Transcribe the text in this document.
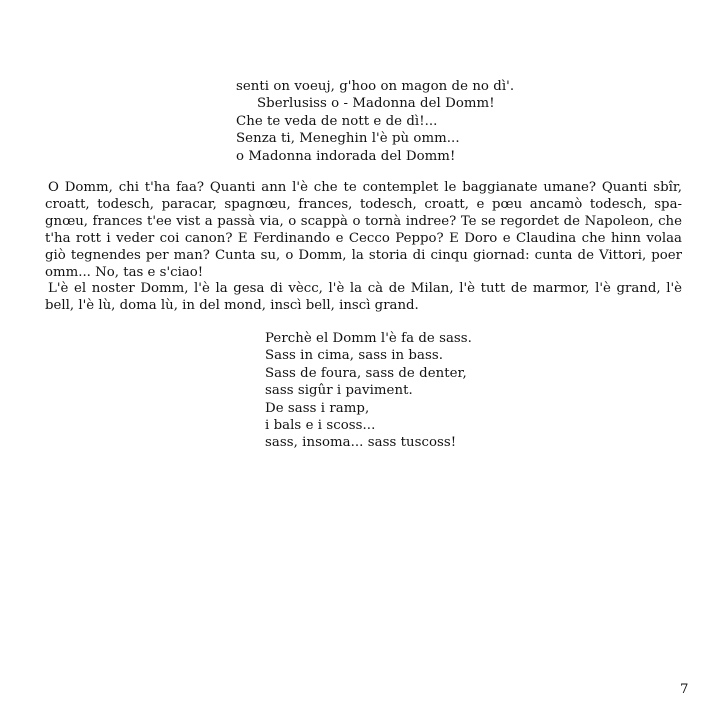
senti on voeuj, g'hoo on magon de no dì'.
Sberlusiss o - Madonna del Domm!
Che te veda de nott e de dì!...
Senza ti, Meneghin l'è pù omm...
o Madonna indorada del Domm!

O Domm, chi t'ha faa? Quanti ann l'è che te contemplet le baggianate umane? Quanti sbîr, croatt, todesch, paracar, spagnœu, frances, todesch, croatt, e pœu ancamò todesch, spa-gnœu, frances t'ee vist a passà via, o scappà o tornà indree? Te se regordet de Napoleon, che t'ha rott i veder coi canon? E Ferdinando e Cecco Peppo? E Doro e Claudina che hinn volaa giò tegnendes per man? Cunta su, o Domm, la storia di cinqu giornad: cunta de Vittori, poer omm... No, tas e s'ciao!

L'è el noster Domm, l'è la gesa di vècc, l'è la cà de Milan, l'è tutt de marmor, l'è grand, l'è bell, l'è lù, doma lù, in del mond, inscì bell, inscì grand.

Perchè el Domm l'è fa de sass.
Sass in cima, sass in bass.
Sass de foura, sass de denter,
sass sigûr i paviment.
De sass i ramp,
i bals e i scoss...
sass, insoma... sass tuscoss!
7
